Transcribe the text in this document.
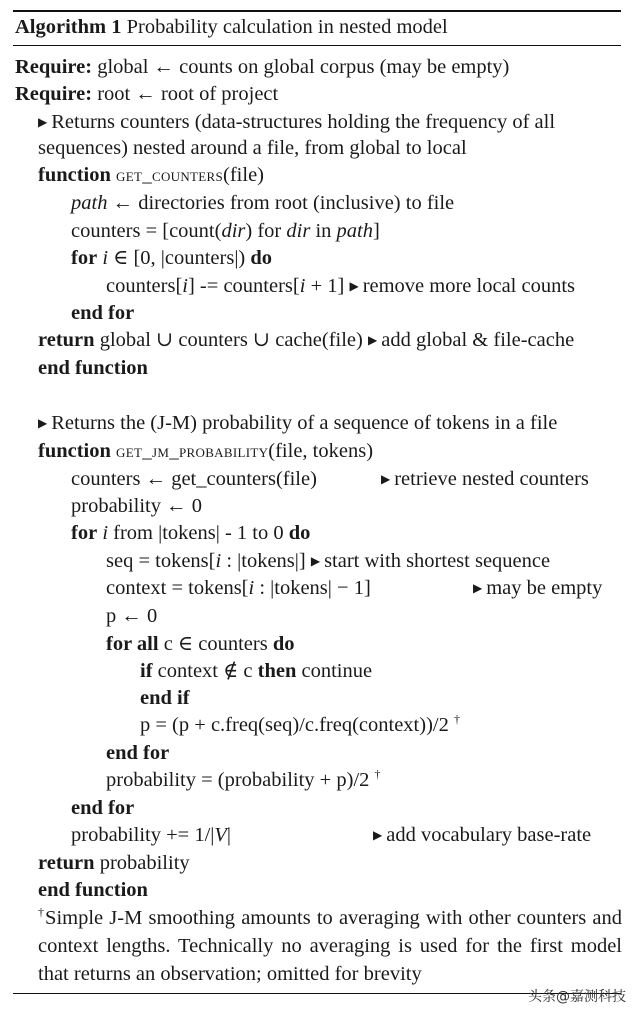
Algorithm 1 Probability calculation in nested model
Require: global ← counts on global corpus (may be empty)
Require: root ← root of project
▶ Returns counters (data-structures holding the frequency of all
sequences) nested around a file, from global to local
function get_counters(file)
path ← directories from root (inclusive) to file
counters = [count(dir) for dir in path]
for i ∈ [0, |counters|) do
counters[i] -= counters[i + 1] ▶ remove more local counts
end for
return global ∪ counters ∪ cache(file) ▶ add global & file-cache
end function
▶ Returns the (J-M) probability of a sequence of tokens in a file
function get_jm_probability(file, tokens)
counters ← get_counters(file)	▶ retrieve nested counters
probability ← 0
for i from |tokens| - 1 to 0 do
seq = tokens[i : |tokens|] ▶ start with shortest sequence
context = tokens[i : |tokens| − 1]	▶ may be empty
p ← 0
for all c ∈ counters do
if context ∉ c then continue
end if
p = (p + c.freq(seq)/c.freq(context))/2 †
end for
probability = (probability + p)/2 †
end for
probability += 1/|V|	▶ add vocabulary base-rate
return probability
end function
†Simple J-M smoothing amounts to averaging with other counters and context lengths. Technically no averaging is used for the first model that returns an observation; omitted for brevity
头条@嘉测科技
